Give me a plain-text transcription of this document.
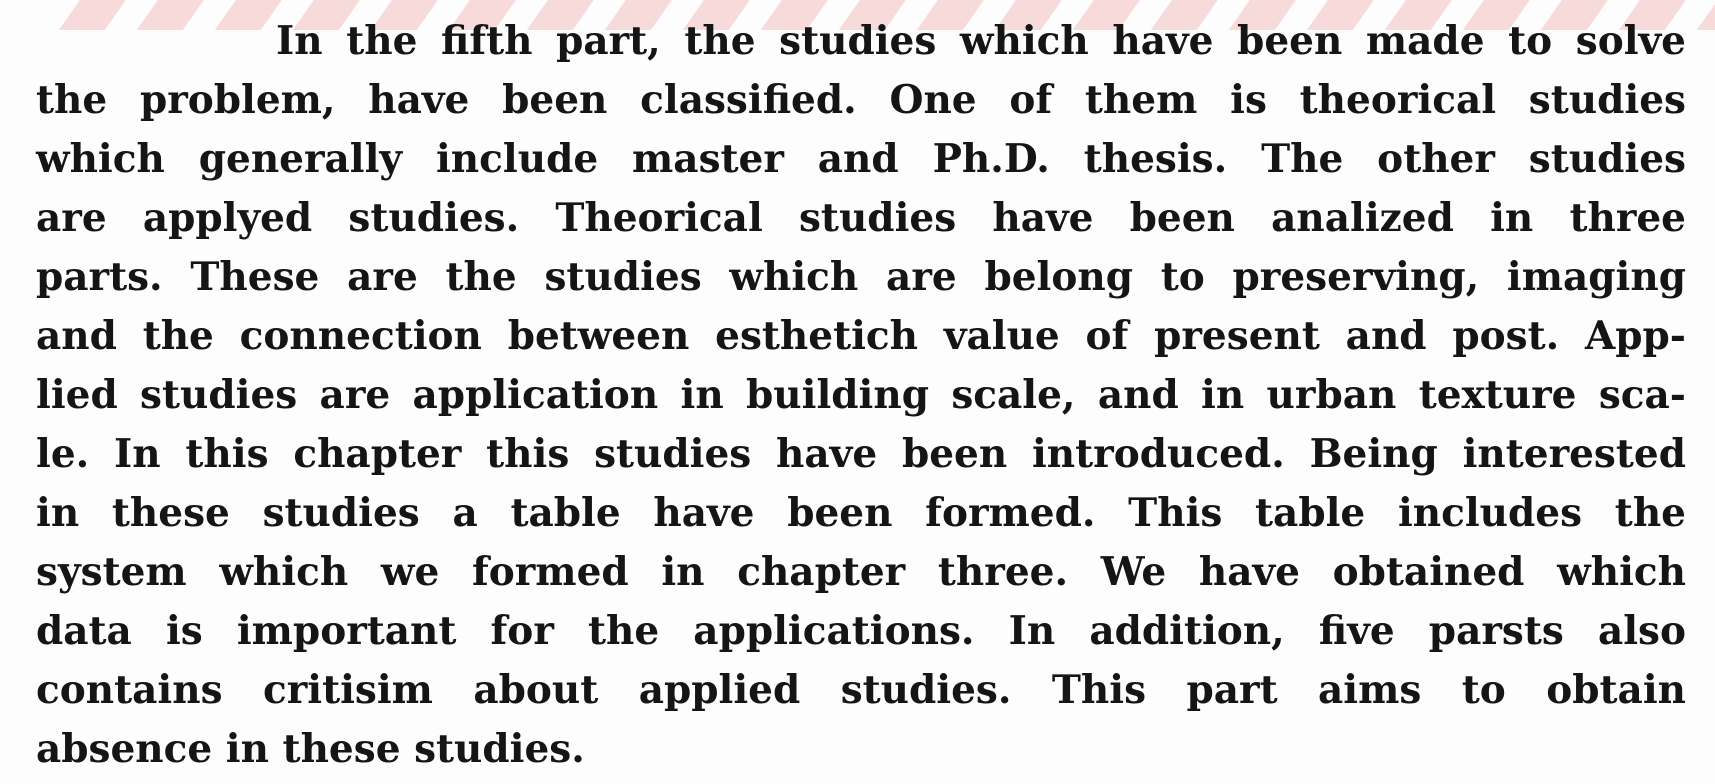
In the fifth part, the studies which have been made to solve
the problem, have been classified. One of them is theorical studies
which generally include master and Ph.D. thesis. The other studies
are applyed studies. Theorical studies have been analized in three
parts. These are the studies which are belong to preserving, imaging
and the connection between esthetich value of present and post. App-
lied studies are application in building scale, and in urban texture sca-
le. In this chapter this studies have been introduced. Being interested
in these studies a table have been formed. This table includes the
system which we formed in chapter three. We have obtained which
data is important for the applications. In addition, five parsts also
contains critisim about applied studies. This part aims to obtain
absence in these studies.
